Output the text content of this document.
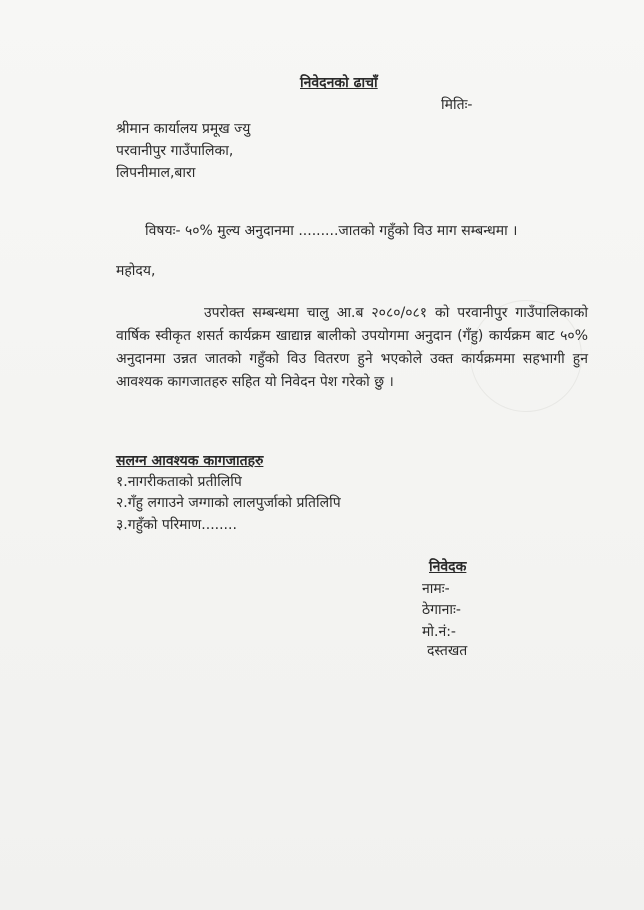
निवेदनको ढाचाँ
मितिः-
श्रीमान कार्यालय प्रमूख ज्यु
परवानीपुर गाउँपालिका,
लिपनीमाल,बारा
विषयः- ५०% मुल्य अनुदानमा .........जातको गहुँको विउ माग सम्बन्धमा ।
महोदय,
उपरोक्त सम्बन्धमा चालु आ.ब २०८०/०८१ को परवानीपुर गाउँपालिकाको वार्षिक स्वीकृत शसर्त कार्यक्रम खाद्यान्न बालीको उपयोगमा अनुदान (गँहु) कार्यक्रम बाट ५०% अनुदानमा उन्नत जातको गहुँको विउ वितरण हुने भएकोले उक्त कार्यक्रममा सहभागी हुन आवश्यक कागजातहरु सहित यो निवेदन पेश गरेको छु ।
सलग्न आवश्यक कागजातहरु
१.नागरीकताको प्रतीलिपि
२.गँहु लगाउने जग्गाको लालपुर्जाको प्रतिलिपि
३.गहुँको परिमाण........
निवेदक
नामः-
ठेगानाः-
मो.नं:-
दस्तखत
